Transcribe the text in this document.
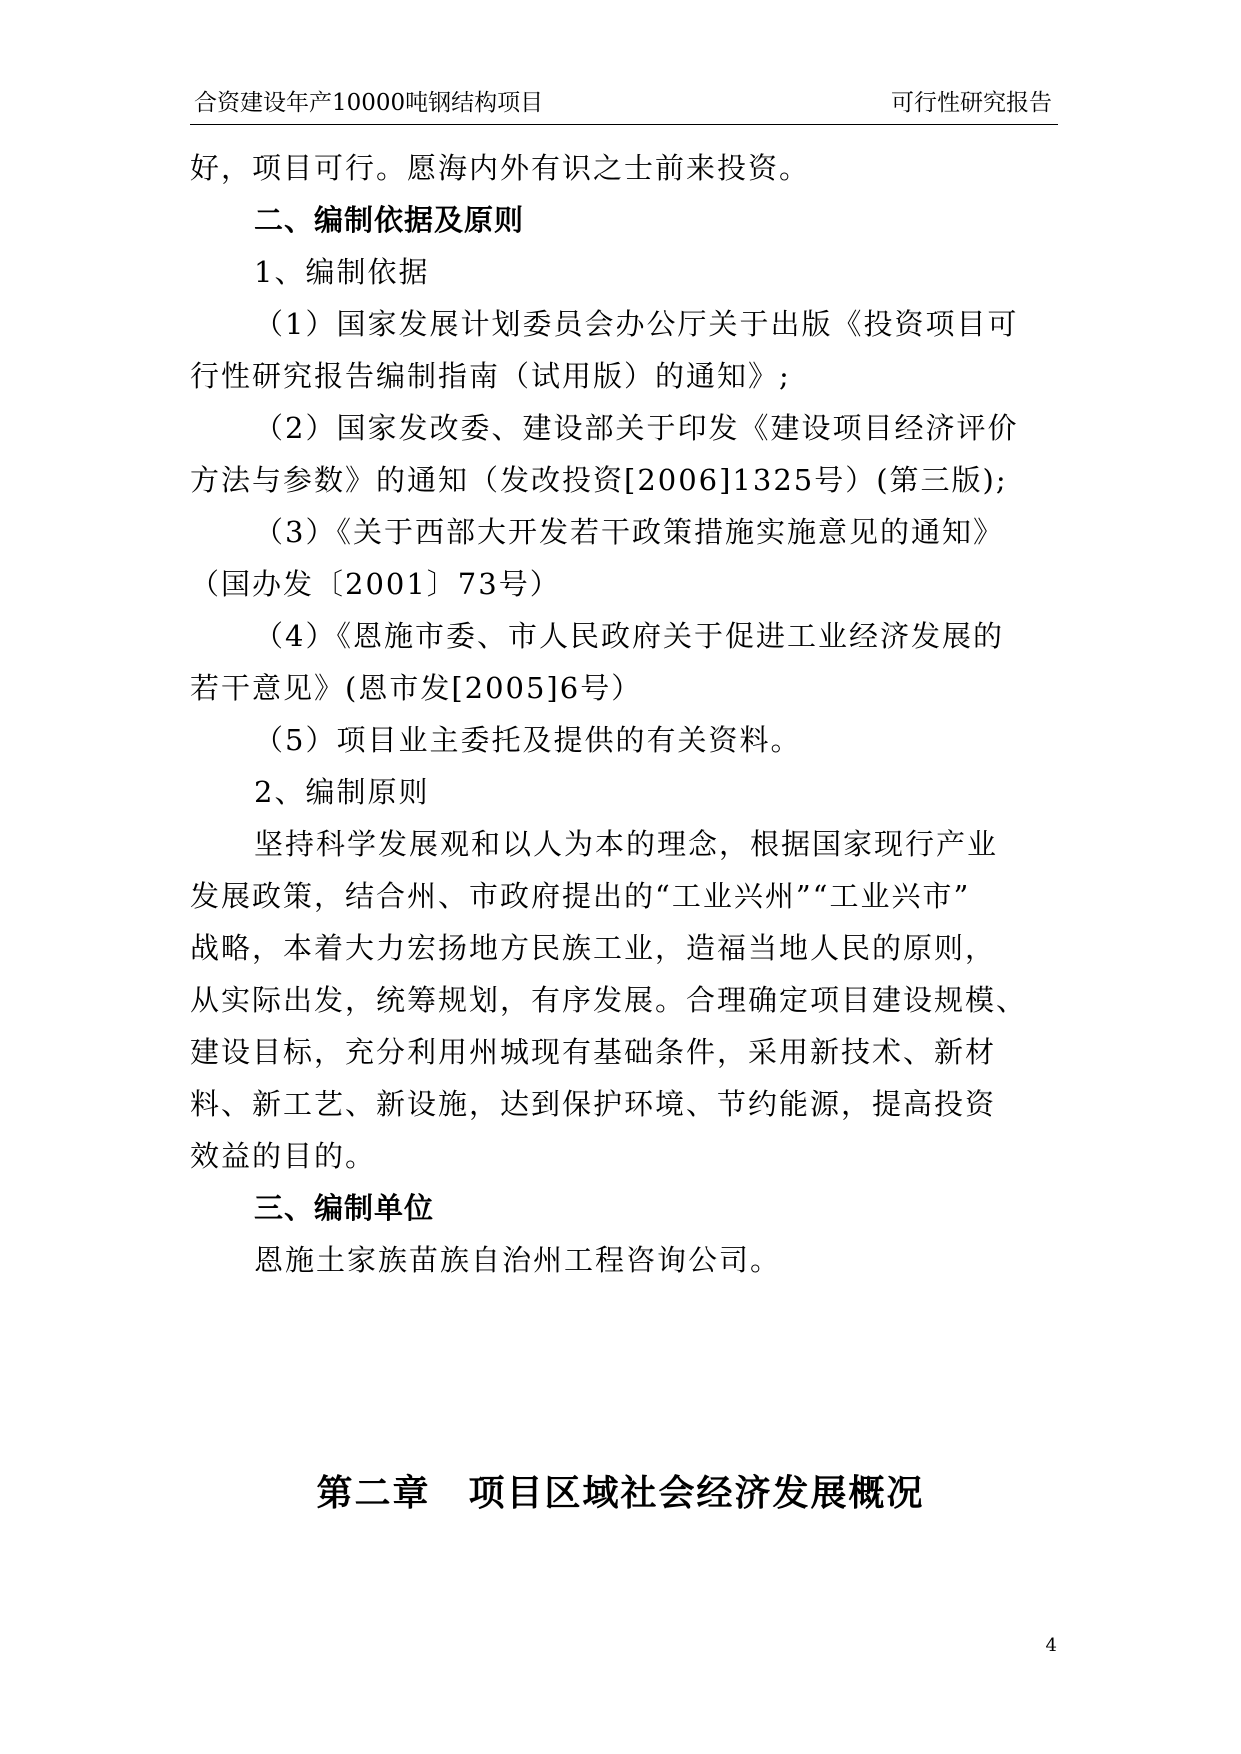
合资建设年产10000吨钢结构项目	可行性研究报告
好，项目可行。愿海内外有识之士前来投资。
二、编制依据及原则
1、编制依据
（1）国家发展计划委员会办公厅关于出版《投资项目可
行性研究报告编制指南（试用版）的通知》;
（2）国家发改委、建设部关于印发《建设项目经济评价
方法与参数》的通知（发改投资[2006]1325号）(第三版);
（3）《关于西部大开发若干政策措施实施意见的通知》
（国办发〔2001〕73号）
（4）《恩施市委、市人民政府关于促进工业经济发展的
若干意见》(恩市发[2005]6号）
（5）项目业主委托及提供的有关资料。
2、编制原则
坚持科学发展观和以人为本的理念，根据国家现行产业
发展政策，结合州、市政府提出的“工业兴州”“工业兴市”
战略，本着大力宏扬地方民族工业，造福当地人民的原则，
从实际出发，统筹规划，有序发展。合理确定项目建设规模、
建设目标，充分利用州城现有基础条件，采用新技术、新材
料、新工艺、新设施，达到保护环境、节约能源，提高投资
效益的目的。
三、编制单位
恩施土家族苗族自治州工程咨询公司。
第二章　项目区域社会经济发展概况
4
